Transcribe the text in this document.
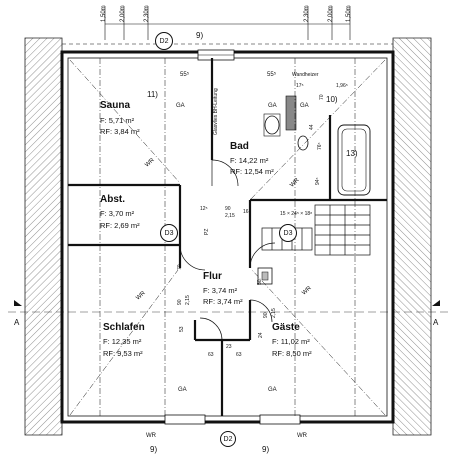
1,50m 2,00m	2,30m	2,30m	2,00m 1,50m
D2
9)
D2
9)	9)
D3	D3
11)
10)
13)
A	A
Sauna
F: 5,71 m²
RF: 3,84 m²
Bad
F: 14,22 m²
RF: 12,54 m²
Abst.
F: 3,70 m²
RF: 2,69 m²
Flur
F: 3,74 m²
RF: 3,74 m²
Schlafen
F: 12,35 m²
RF: 9,53 m²
Gäste
F: 11,02 m²
RF: 8,50 m²
GA	GA	GA
GA	GA
WR
WR
WR	WR
WR	WR
55⁵	55⁵	Wandheizer
17⁵	1,96⁵
44
70
76⁵
94⁵
15 × 24⁵ × 18⁸
12⁵	90
2,15
16
70
90 2,15
53
24
63	63
23
50
90 2,15
Glasvlies BH-Leitung
PZ
